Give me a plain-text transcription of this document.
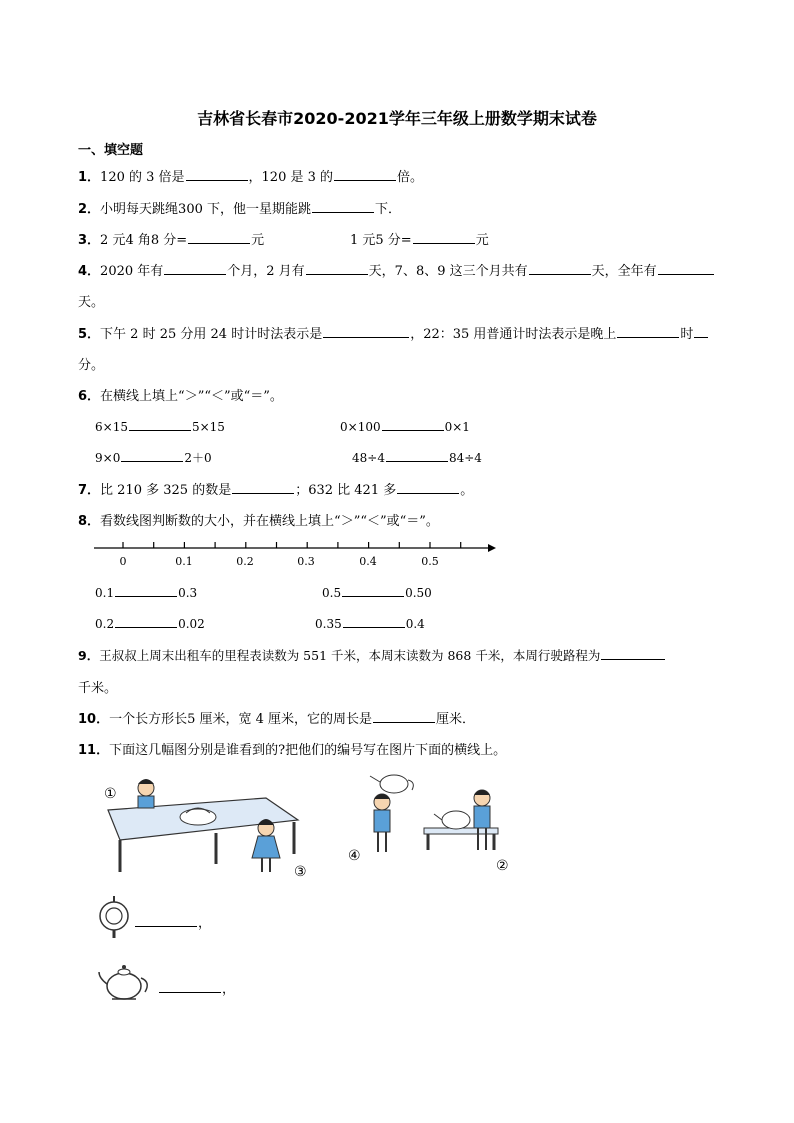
吉林省长春市2020-2021学年三年级上册数学期末试卷
一、填空题
1．120 的 3 倍是	，120 是 3 的	倍。
2．小明每天跳绳300 下，他一星期能跳	下．
3．2 元4 角8 分=	元	1 元5 分=	元
4．2020 年有	个月，2 月有	天，7、8、9 这三个月共有	天，全年有
天。
5．下午 2 时 25 分用 24 时计时法表示是	，22：35 用普通计时法表示是晚上	时
分。
6．在横线上填上“＞”“＜”或“＝”。
6×15	5×15	0×100	0×1
9×0	2＋0	48÷4	84÷4
7．比 210 多 325 的数是	；632 比 421 多	。
8．看数线图判断数的大小，并在横线上填上“＞”“＜”或“＝”。
0	0.1	0.2	0.3	0.4	0.5
0.1	0.3	0.5	0.50
0.2	0.02	0.35	0.4
9．王叔叔上周末出租车的里程表读数为 551 千米，本周末读数为 868 千米，本周行驶路程为
千米。
10．一个长方形长5 厘米，宽 4 厘米，它的周长是	厘米．
11．下面这几幅图分别是谁看到的?把他们的编号写在图片下面的横线上。
①
③
④
②
，
，
